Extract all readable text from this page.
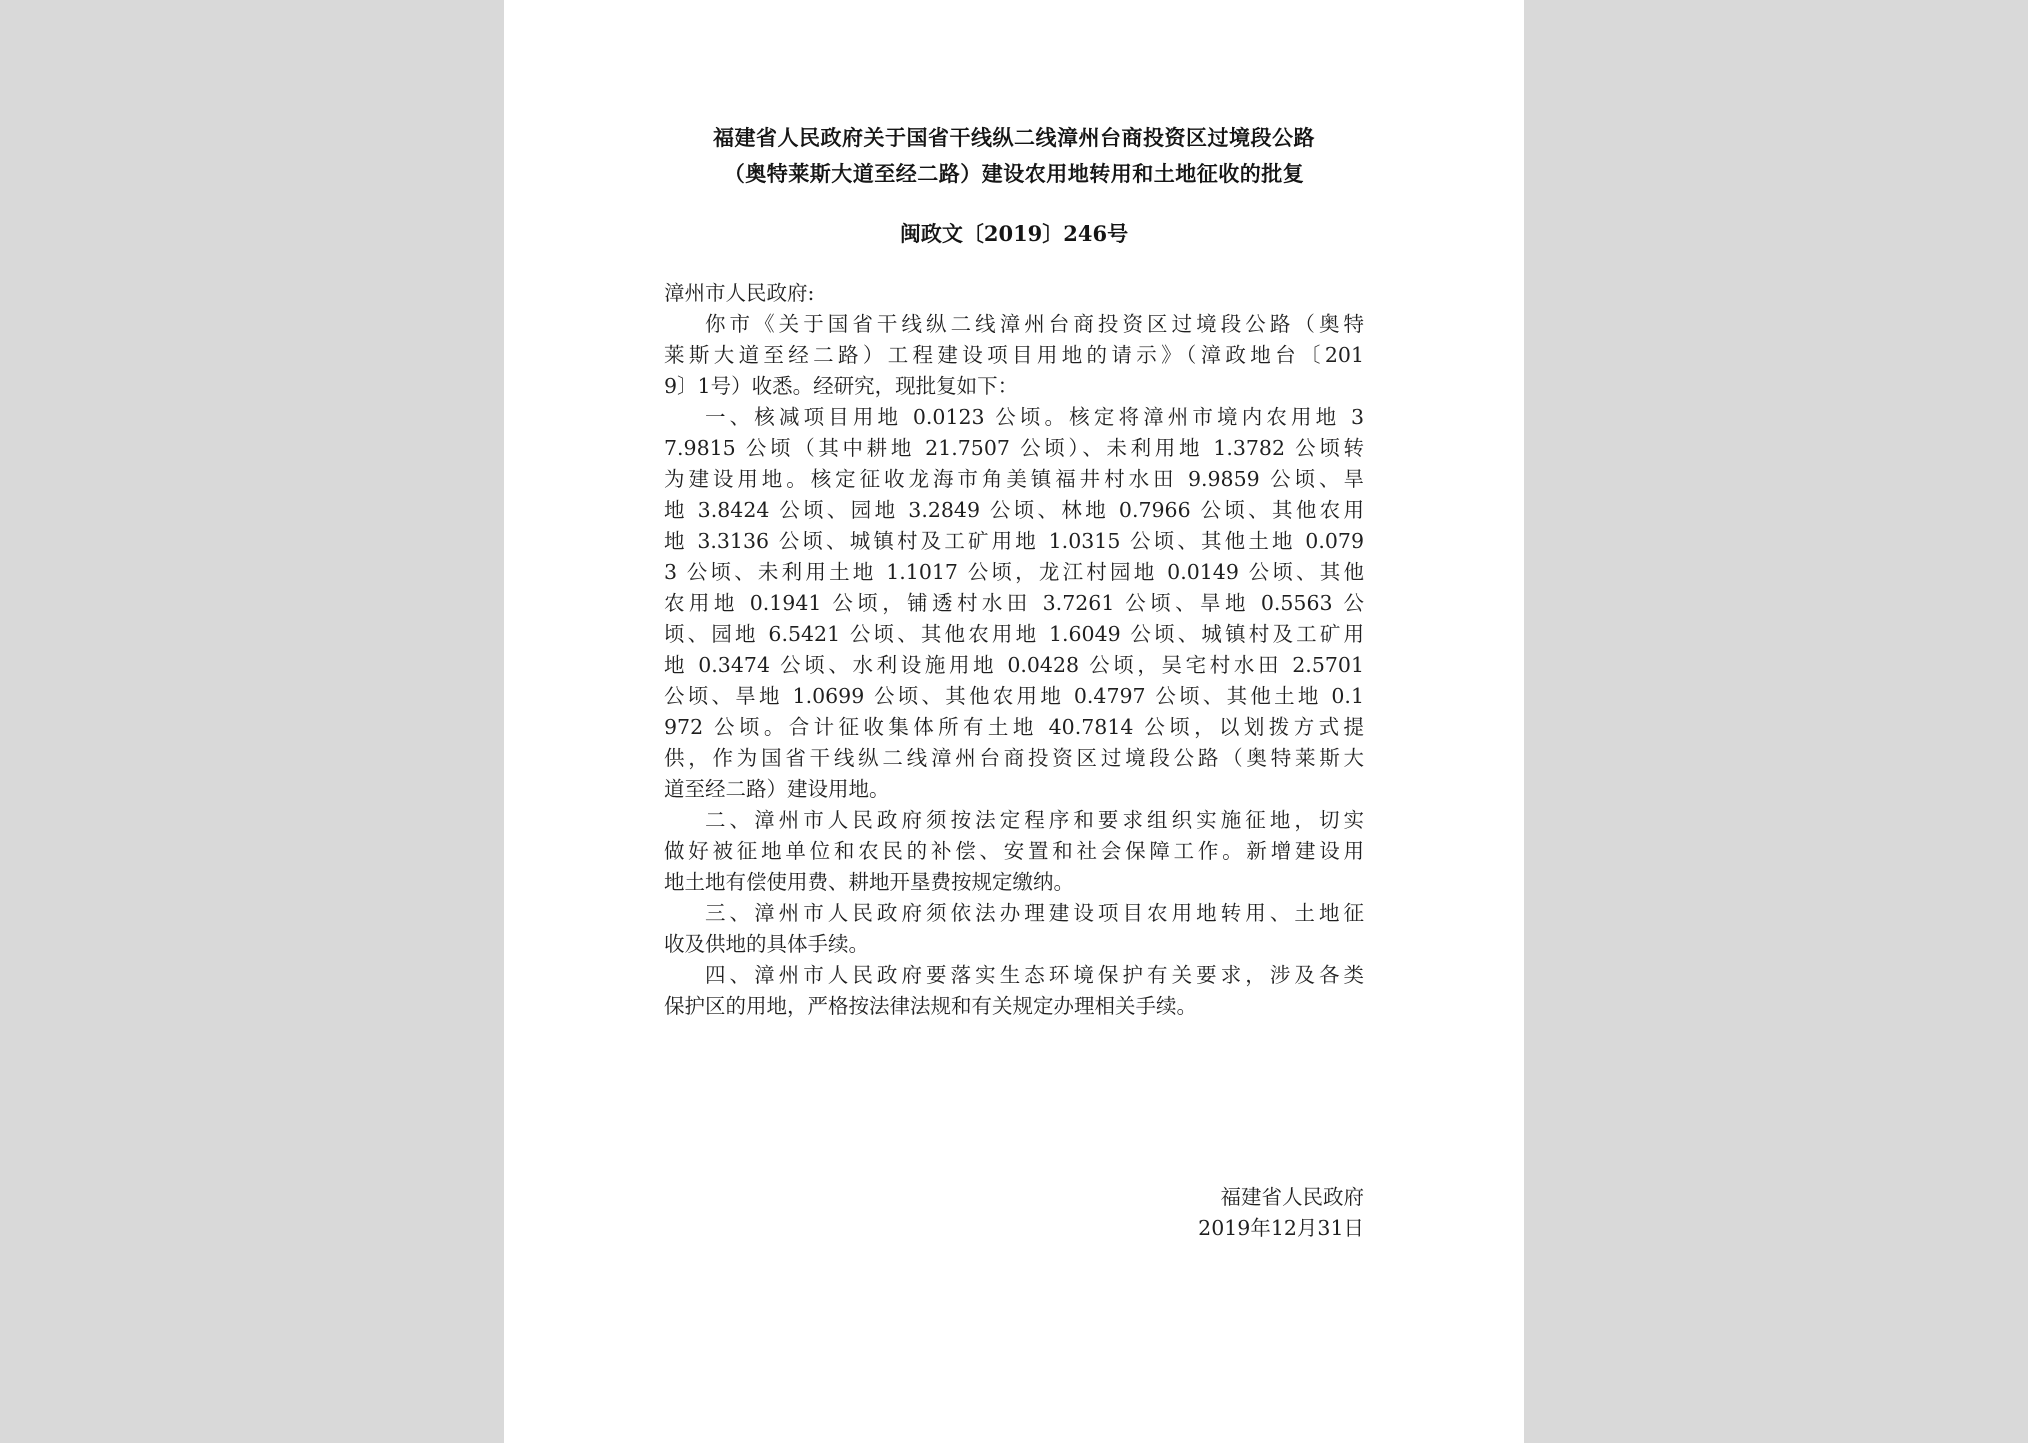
福建省人民政府关于国省干线纵二线漳州台商投资区过境段公路
（奥特莱斯大道至经二路）建设农用地转用和土地征收的批复
闽政文〔2019〕246号
漳州市人民政府:
你市《关于国省干线纵二线漳州台商投资区过境段公路（奥特
莱斯大道至经二路）工程建设项目用地的请示》（漳政地台〔201
9〕1号）收悉。经研究，现批复如下：
一、核减项目用地 0.0123 公顷。核定将漳州市境内农用地 3
7.9815 公顷（其中耕地 21.7507 公顷）、未利用地 1.3782 公顷转
为建设用地。核定征收龙海市角美镇福井村水田 9.9859 公顷、旱
地 3.8424 公顷、园地 3.2849 公顷、林地 0.7966 公顷、其他农用
地 3.3136 公顷、城镇村及工矿用地 1.0315 公顷、其他土地 0.079
3 公顷、未利用土地 1.1017 公顷，龙江村园地 0.0149 公顷、其他
农用地 0.1941 公顷，铺透村水田 3.7261 公顷、旱地 0.5563 公
顷、园地 6.5421 公顷、其他农用地 1.6049 公顷、城镇村及工矿用
地 0.3474 公顷、水利设施用地 0.0428 公顷，吴宅村水田 2.5701
公顷、旱地 1.0699 公顷、其他农用地 0.4797 公顷、其他土地 0.1
972 公顷。合计征收集体所有土地 40.7814 公顷，以划拨方式提
供，作为国省干线纵二线漳州台商投资区过境段公路（奥特莱斯大
道至经二路）建设用地。
二、漳州市人民政府须按法定程序和要求组织实施征地，切实
做好被征地单位和农民的补偿、安置和社会保障工作。新增建设用
地土地有偿使用费、耕地开垦费按规定缴纳。
三、漳州市人民政府须依法办理建设项目农用地转用、土地征
收及供地的具体手续。
四、漳州市人民政府要落实生态环境保护有关要求，涉及各类
保护区的用地，严格按法律法规和有关规定办理相关手续。
福建省人民政府
2019年12月31日
